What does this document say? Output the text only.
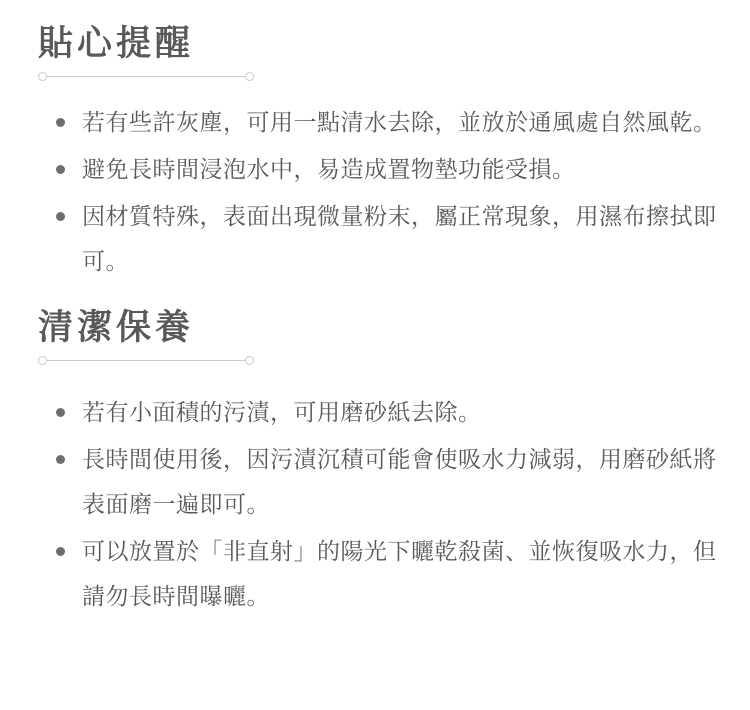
貼心提醒
若有些許灰塵，可用一點清水去除，並放於通風處自然風乾。
避免長時間浸泡水中，易造成置物墊功能受損。
因材質特殊，表面出現微量粉末，屬正常現象，用濕布擦拭即可。
清潔保養
若有小面積的污漬，可用磨砂紙去除。
長時間使用後，因污漬沉積可能會使吸水力減弱，用磨砂紙將表面磨一遍即可。
可以放置於「非直射」的陽光下曬乾殺菌、並恢復吸水力，但請勿長時間曝曬。
